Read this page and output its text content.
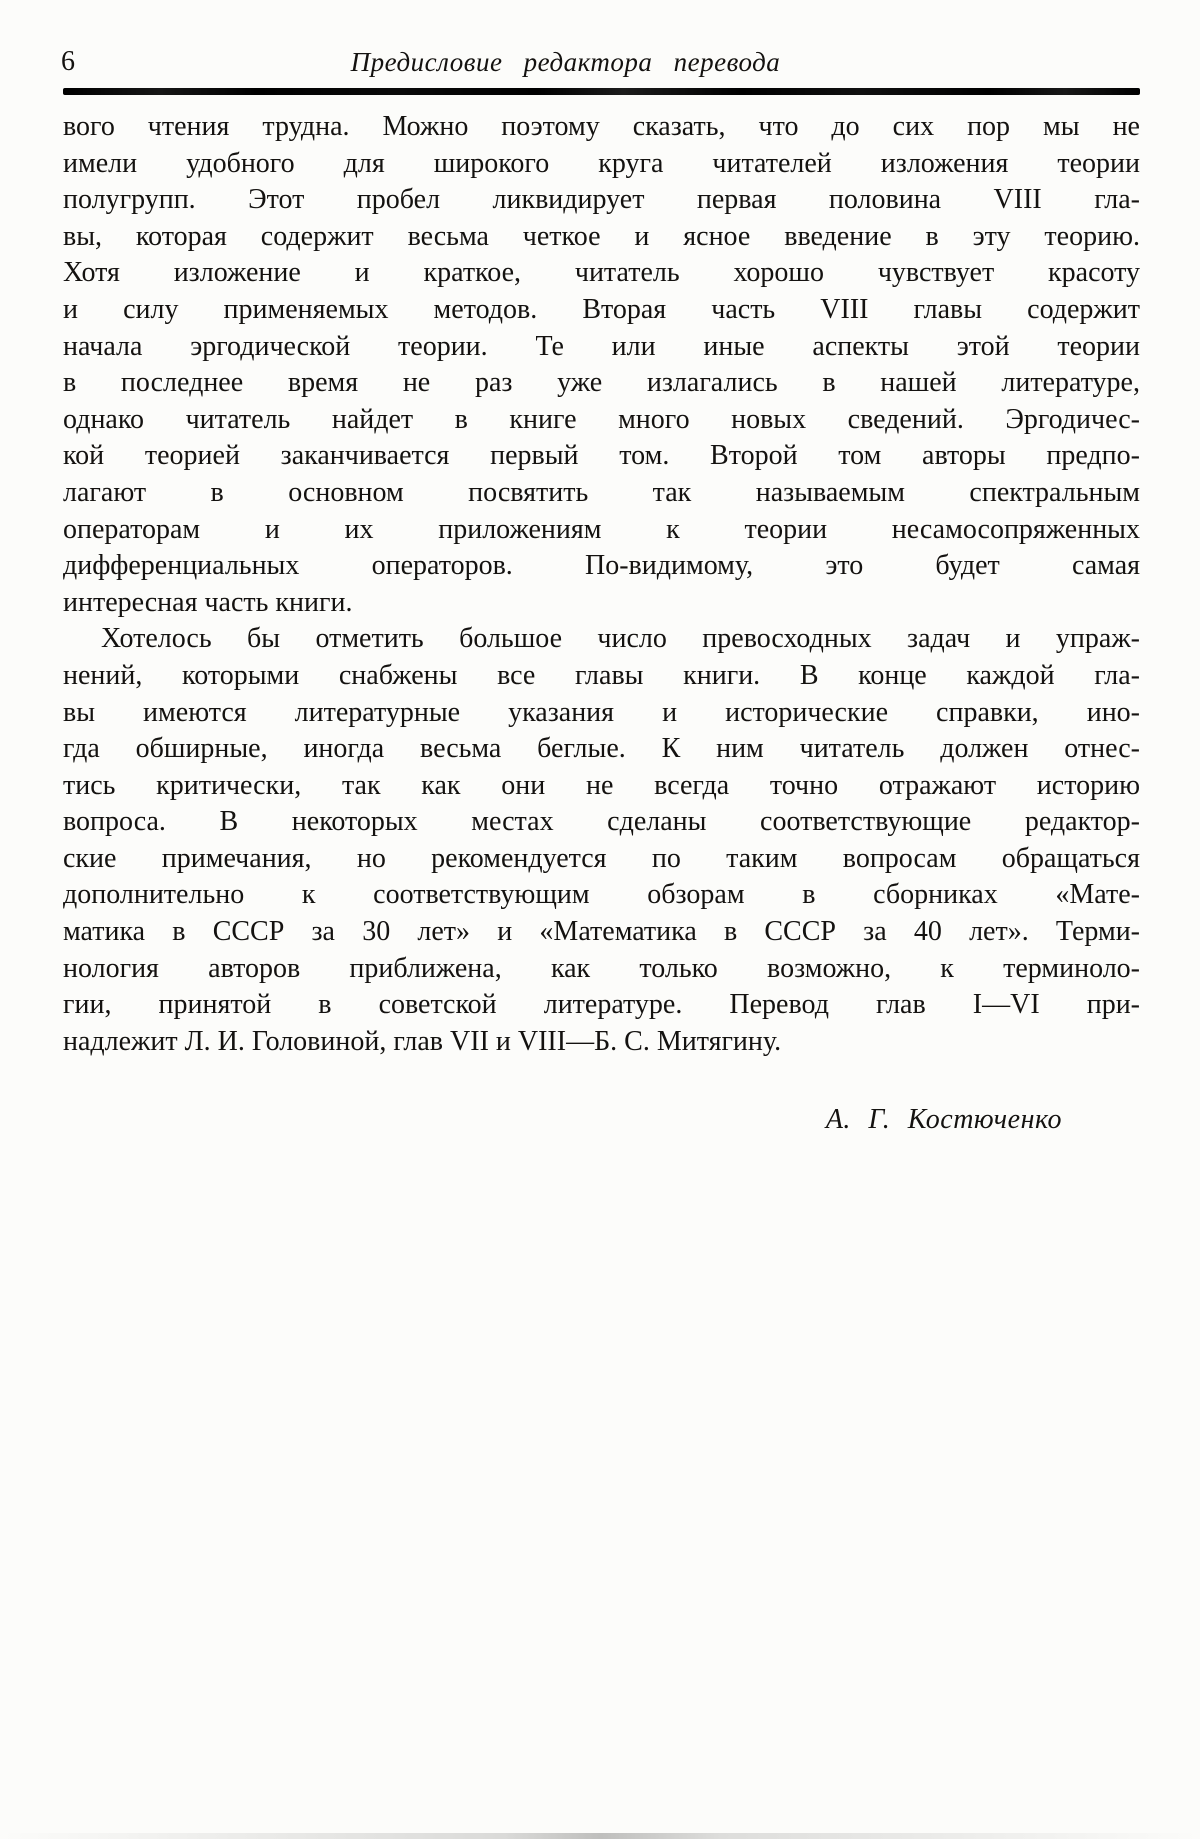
6	Предисловие редактора перевода
вого чтения трудна. Можно поэтому сказать, что до сих пор мы не
имели удобного для широкого круга читателей изложения теории
полугрупп. Этот пробел ликвидирует первая половина VIII гла-
вы, которая содержит весьма четкое и ясное введение в эту теорию.
Хотя изложение и краткое, читатель хорошо чувствует красоту
и силу применяемых методов. Вторая часть VIII главы содержит
начала эргодической теории. Те или иные аспекты этой теории
в последнее время не раз уже излагались в нашей литературе,
однако читатель найдет в книге много новых сведений. Эргодичес-
кой теорией заканчивается первый том. Второй том авторы предпо-
лагают в основном посвятить так называемым спектральным
операторам и их приложениям к теории несамосопряженных
дифференциальных операторов. По-видимому, это будет самая
интересная часть книги.
Хотелось бы отметить большое число превосходных задач и упраж-
нений, которыми снабжены все главы книги. В конце каждой гла-
вы имеются литературные указания и исторические справки, ино-
гда обширные, иногда весьма беглые. К ним читатель должен отнес-
тись критически, так как они не всегда точно отражают историю
вопроса. В некоторых местах сделаны соответствующие редактор-
ские примечания, но рекомендуется по таким вопросам обращаться
дополнительно к соответствующим обзорам в сборниках «Мате-
матика в СССР за 30 лет» и «Математика в СССР за 40 лет». Терми-
нология авторов приближена, как только возможно, к терминоло-
гии, принятой в советской литературе. Перевод глав I—VI при-
надлежит Л. И. Головиной, глав VII и VIII—Б. С. Митягину.
А. Г. Костюченко
